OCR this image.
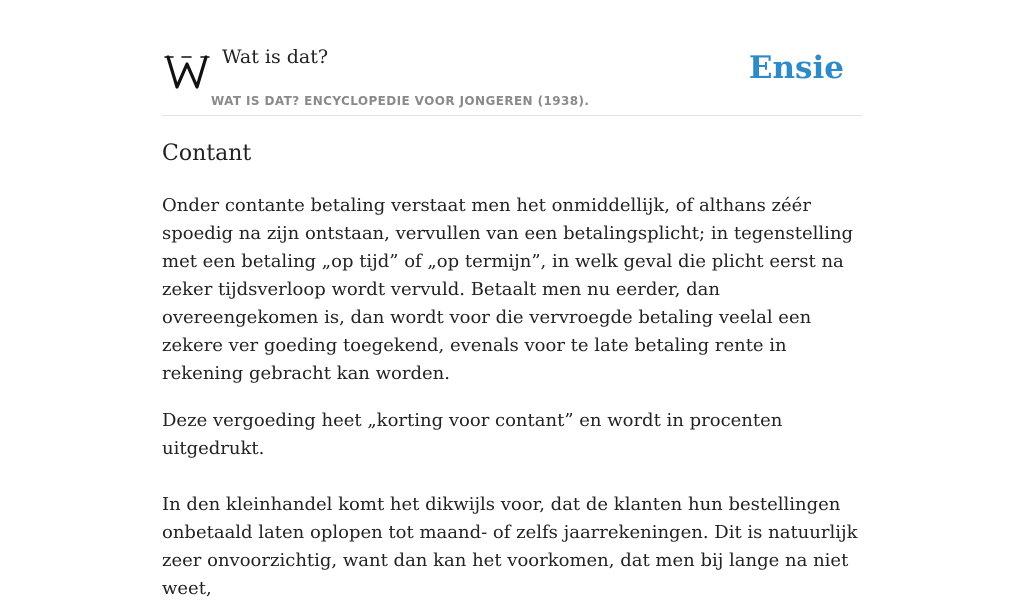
Wat is dat?
WAT IS DAT? ENCYCLOPEDIE VOOR JONGEREN (1938).
Ensie
Contant

Onder contante betaling verstaat men het onmiddellijk, of althans zéér spoedig na zijn ontstaan, vervullen van een betalingsplicht; in tegenstelling met een betaling „op tijd” of „op termijn”, in welk geval die plicht eerst na zeker tijdsverloop wordt vervuld. Betaalt men nu eerder, dan overeengekomen is, dan wordt voor die vervroegde betaling veelal een zekere ver goeding toegekend, evenals voor te late betaling rente in rekening gebracht kan worden.

Deze vergoeding heet „korting voor contant” en wordt in procenten uitgedrukt.

In den kleinhandel komt het dikwijls voor, dat de klanten hun bestellingen onbetaald laten oplopen tot maand- of zelfs jaarrekeningen. Dit is natuurlijk zeer onvoorzichtig, want dan kan het voorkomen, dat men bij lange na niet weet,
